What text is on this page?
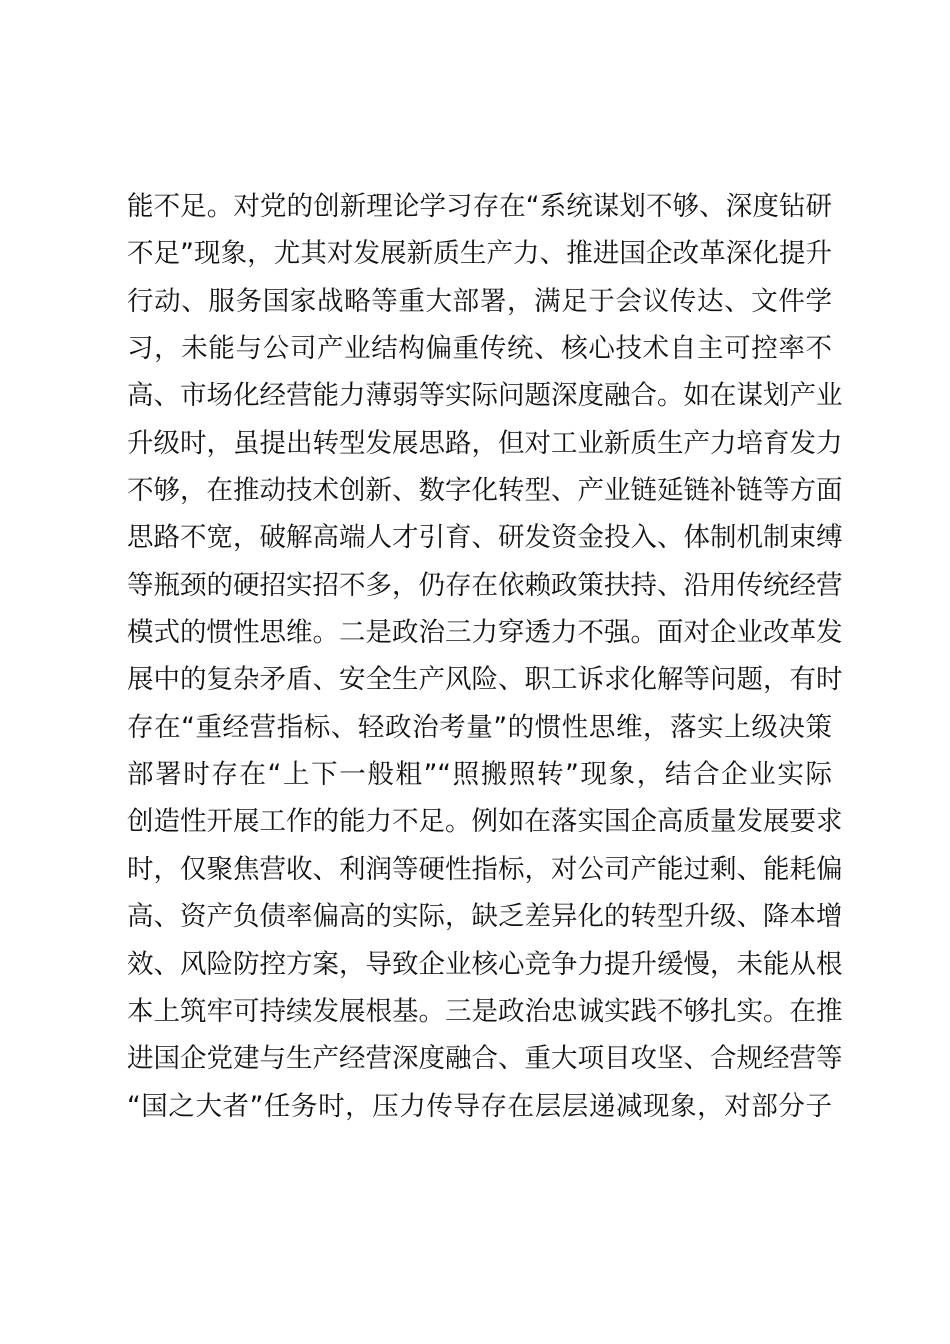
能不足。对党的创新理论学习存在“系统谋划不够、深度钻研
不足”现象，尤其对发展新质生产力、推进国企改革深化提升
行动、服务国家战略等重大部署，满足于会议传达、文件学
习，未能与公司产业结构偏重传统、核心技术自主可控率不
高、市场化经营能力薄弱等实际问题深度融合。如在谋划产业
升级时，虽提出转型发展思路，但对工业新质生产力培育发力
不够，在推动技术创新、数字化转型、产业链延链补链等方面
思路不宽，破解高端人才引育、研发资金投入、体制机制束缚
等瓶颈的硬招实招不多，仍存在依赖政策扶持、沿用传统经营
模式的惯性思维。二是政治三力穿透力不强。面对企业改革发
展中的复杂矛盾、安全生产风险、职工诉求化解等问题，有时
存在“重经营指标、轻政治考量”的惯性思维，落实上级决策
部署时存在“上下一般粗”“照搬照转”现象，结合企业实际
创造性开展工作的能力不足。例如在落实国企高质量发展要求
时，仅聚焦营收、利润等硬性指标，对公司产能过剩、能耗偏
高、资产负债率偏高的实际，缺乏差异化的转型升级、降本增
效、风险防控方案，导致企业核心竞争力提升缓慢，未能从根
本上筑牢可持续发展根基。三是政治忠诚实践不够扎实。在推
进国企党建与生产经营深度融合、重大项目攻坚、合规经营等
“国之大者”任务时，压力传导存在层层递减现象，对部分子
